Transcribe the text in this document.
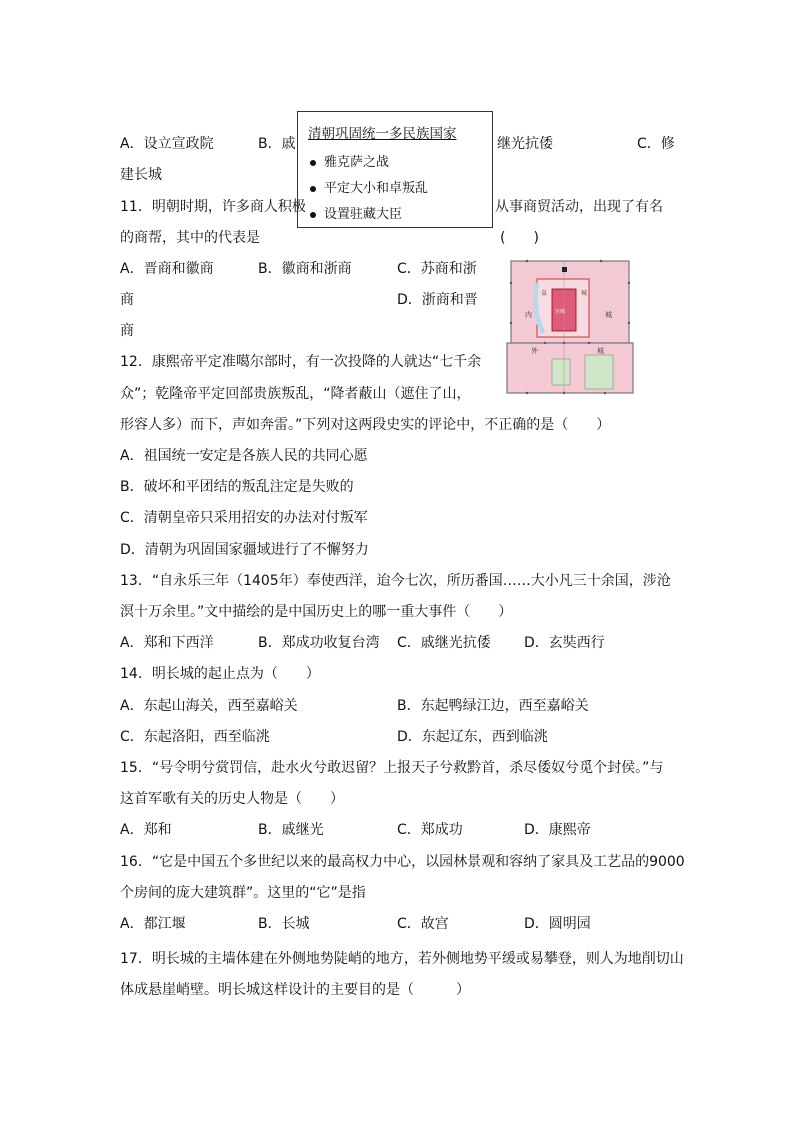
A．设立宣政院	B．戚	继光抗倭	C．修
建长城
清朝巩固统一多民族国家
雅克萨之战
平定大小和卓叛乱
设置驻藏大臣
11．明朝时期，许多商人积极	从事商贸活动，出现了有名
的商帮，其中的代表是	(　　)
A．晋商和徽商	B．徽商和浙商	C．苏商和浙
商	D．浙商和晋
商
内	城
外	城
宫城
皇	城
12．康熙帝平定准噶尔部时，有一次投降的人就达“七千余
众”；乾隆帝平定回部贵族叛乱，“降者蔽山（遮住了山，
形容人多）而下，声如奔雷。”下列对这两段史实的评论中，不正确的是（　　）
A．祖国统一安定是各族人民的共同心愿
B．破坏和平团结的叛乱注定是失败的
C．清朝皇帝只采用招安的办法对付叛军
D．清朝为巩固国家疆域进行了不懈努力
13．“自永乐三年（1405年）奉使西洋，迨今七次，所历番国……大小凡三十余国，涉沧
溟十万余里。”文中描绘的是中国历史上的哪一重大事件（　　）
A．郑和下西洋	B．郑成功收复台湾 C．戚继光抗倭 D．玄奘西行
14．明长城的起止点为（　　）
A．东起山海关，西至嘉峪关	B．东起鸭绿江边，西至嘉峪关
C．东起洛阳，西至临洮	D．东起辽东，西到临洮
15．“号令明兮赏罚信，赴水火兮敢迟留？上报天子兮救黔首，杀尽倭奴兮觅个封侯。”与
这首军歌有关的历史人物是（　　）
A．郑和	B．戚继光	C．郑成功	D．康熙帝
16．“它是中国五个多世纪以来的最高权力中心，以园林景观和容纳了家具及工艺品的9000
个房间的庞大建筑群”。这里的“它”是指
A．都江堰	B．长城	C．故宫	D．圆明园
17．明长城的主墙体建在外侧地势陡峭的地方，若外侧地势平缓或易攀登，则人为地削切山
体成悬崖峭壁。明长城这样设计的主要目的是（　　　）
